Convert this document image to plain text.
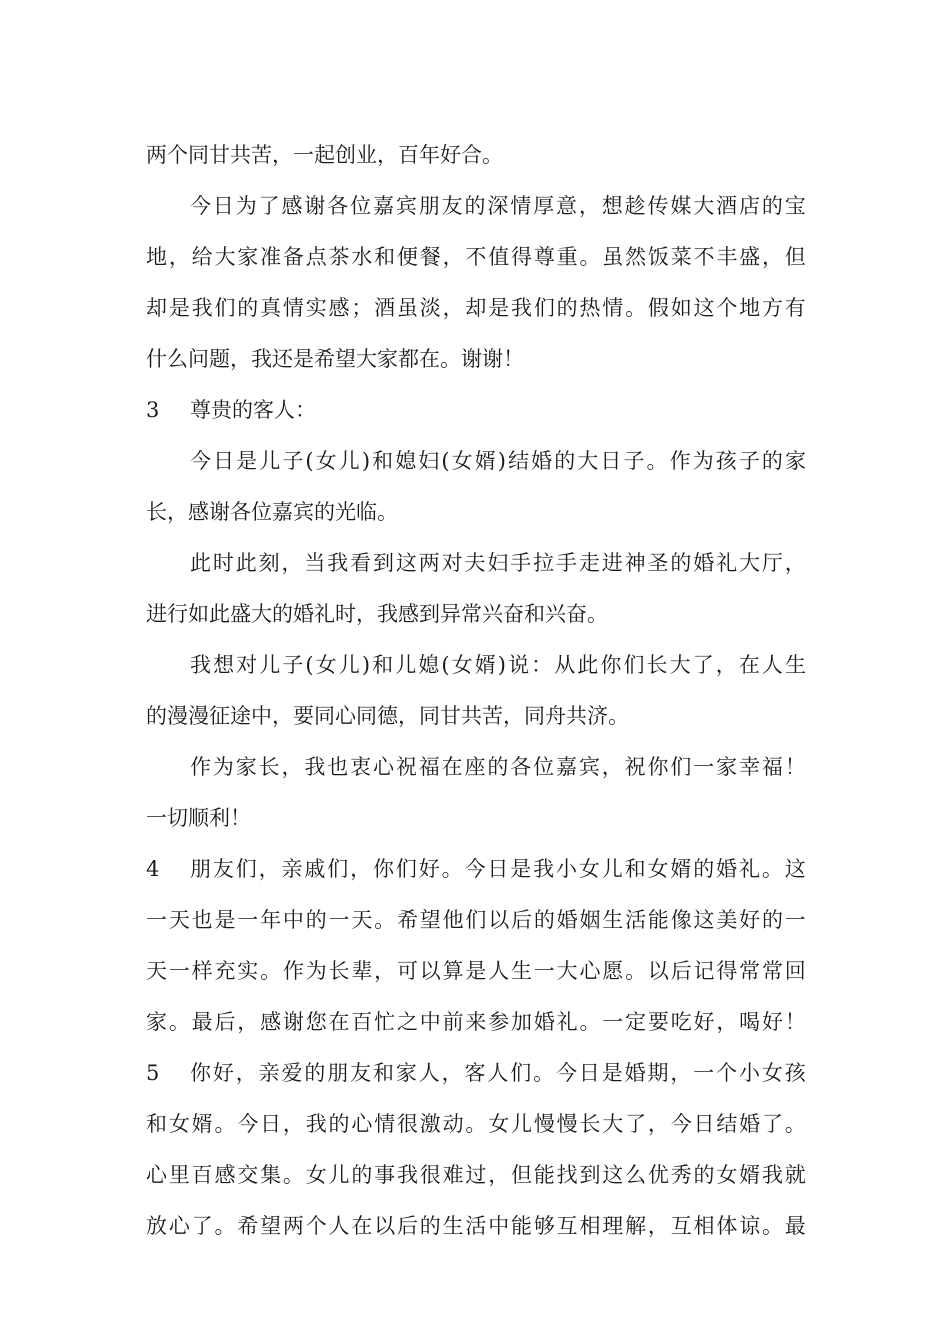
两 个 同 甘 共 苦 ， 一 起 创 业 ， 百 年 好 合 。
今 日 为 了 感 谢 各 位 嘉 宾 朋 友 的 深 情 厚 意 ， 想 趁 传 媒 大 酒 店 的 宝
地 ， 给 大 家 准 备 点 茶 水 和 便 餐 ， 不 值 得 尊 重 。 虽 然 饭 菜 不 丰 盛 ， 但
却 是 我 们 的 真 情 实 感 ； 酒 虽 淡 ， 却 是 我 们 的 热 情 。 假 如 这 个 地 方 有
什 么 问 题 ， 我 还 是 希 望 大 家 都 在 。 谢 谢 ！
3	尊 贵 的 客 人 ：
今 日 是 儿 子 ( 女 儿 ) 和 媳 妇 ( 女 婿 ) 结 婚 的 大 日 子 。 作 为 孩 子 的 家
长 ， 感 谢 各 位 嘉 宾 的 光 临 。
此 时 此 刻 ， 当 我 看 到 这 两 对 夫 妇 手 拉 手 走 进 神 圣 的 婚 礼 大 厅 ，
进 行 如 此 盛 大 的 婚 礼 时 ， 我 感 到 异 常 兴 奋 和 兴 奋 。
我 想 对 儿 子 ( 女 儿 ) 和 儿 媳 ( 女 婿 ) 说 ： 从 此 你 们 长 大 了 ， 在 人 生
的 漫 漫 征 途 中 ， 要 同 心 同 德 ， 同 甘 共 苦 ， 同 舟 共 济 。
作 为 家 长 ， 我 也 衷 心 祝 福 在 座 的 各 位 嘉 宾 ， 祝 你 们 一 家 幸 福 ！
一 切 顺 利 ！
4	朋 友 们 ， 亲 戚 们 ， 你 们 好 。 今 日 是 我 小 女 儿 和 女 婿 的 婚 礼 。 这
一 天 也 是 一 年 中 的 一 天 。 希 望 他 们 以 后 的 婚 姻 生 活 能 像 这 美 好 的 一
天 一 样 充 实 。 作 为 长 辈 ， 可 以 算 是 人 生 一 大 心 愿 。 以 后 记 得 常 常 回
家 。 最 后 ， 感 谢 您 在 百 忙 之 中 前 来 参 加 婚 礼 。 一 定 要 吃 好 ， 喝 好 ！
5	你 好 ， 亲 爱 的 朋 友 和 家 人 ， 客 人 们 。 今 日 是 婚 期 ， 一 个 小 女 孩
和 女 婿 。 今 日 ， 我 的 心 情 很 激 动 。 女 儿 慢 慢 长 大 了 ， 今 日 结 婚 了 。
心 里 百 感 交 集 。 女 儿 的 事 我 很 难 过 ， 但 能 找 到 这 么 优 秀 的 女 婿 我 就
放 心 了 。 希 望 两 个 人 在 以 后 的 生 活 中 能 够 互 相 理 解 ， 互 相 体 谅 。 最
